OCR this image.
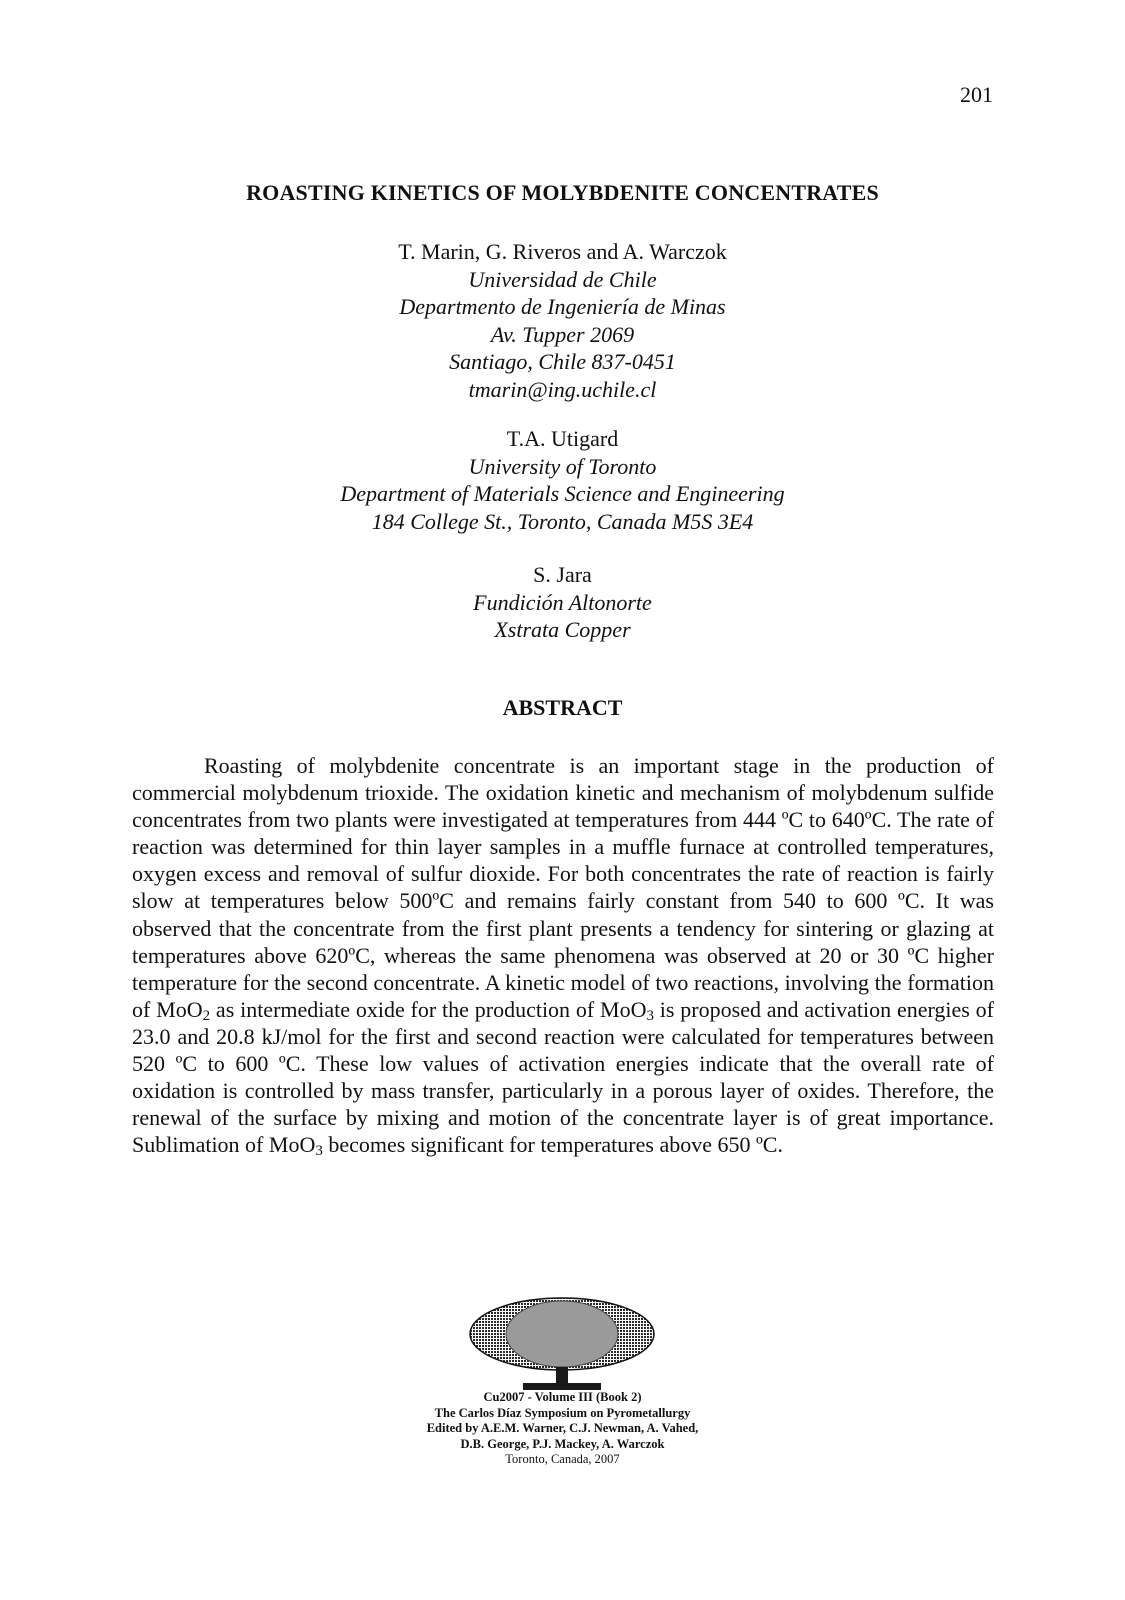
201
ROASTING KINETICS OF MOLYBDENITE CONCENTRATES
T. Marin, G. Riveros and A. Warczok
Universidad de Chile
Departmento de Ingeniería de Minas
Av. Tupper 2069
Santiago, Chile 837-0451
tmarin@ing.uchile.cl
T.A. Utigard
University of Toronto
Department of Materials Science and Engineering
184 College St., Toronto, Canada M5S 3E4
S. Jara
Fundición Altonorte
Xstrata Copper
ABSTRACT
Roasting of molybdenite concentrate is an important stage in the production of commercial molybdenum trioxide. The oxidation kinetic and mechanism of molybdenum sulfide concentrates from two plants were investigated at temperatures from 444 ºC to 640ºC. The rate of reaction was determined for thin layer samples in a muffle furnace at controlled temperatures, oxygen excess and removal of sulfur dioxide. For both concentrates the rate of reaction is fairly slow at temperatures below 500ºC and remains fairly constant from 540 to 600 ºC. It was observed that the concentrate from the first plant presents a tendency for sintering or glazing at temperatures above 620ºC, whereas the same phenomena was observed at 20 or 30 ºC higher temperature for the second concentrate. A kinetic model of two reactions, involving the formation of MoO$_2$ as intermediate oxide for the production of MoO$_3$ is proposed and activation energies of 23.0 and 20.8 kJ/mol for the first and second reaction were calculated for temperatures between 520 ºC to 600 ºC. These low values of activation energies indicate that the overall rate of oxidation is controlled by mass transfer, particularly in a porous layer of oxides. Therefore, the renewal of the surface by mixing and motion of the concentrate layer is of great importance. Sublimation of MoO$_3$ becomes significant for temperatures above 650 ºC.
Cu2007 - Volume III (Book 2)
The Carlos Díaz Symposium on Pyrometallurgy
Edited by A.E.M. Warner, C.J. Newman, A. Vahed,
D.B. George, P.J. Mackey, A. Warczok
Toronto, Canada, 2007
